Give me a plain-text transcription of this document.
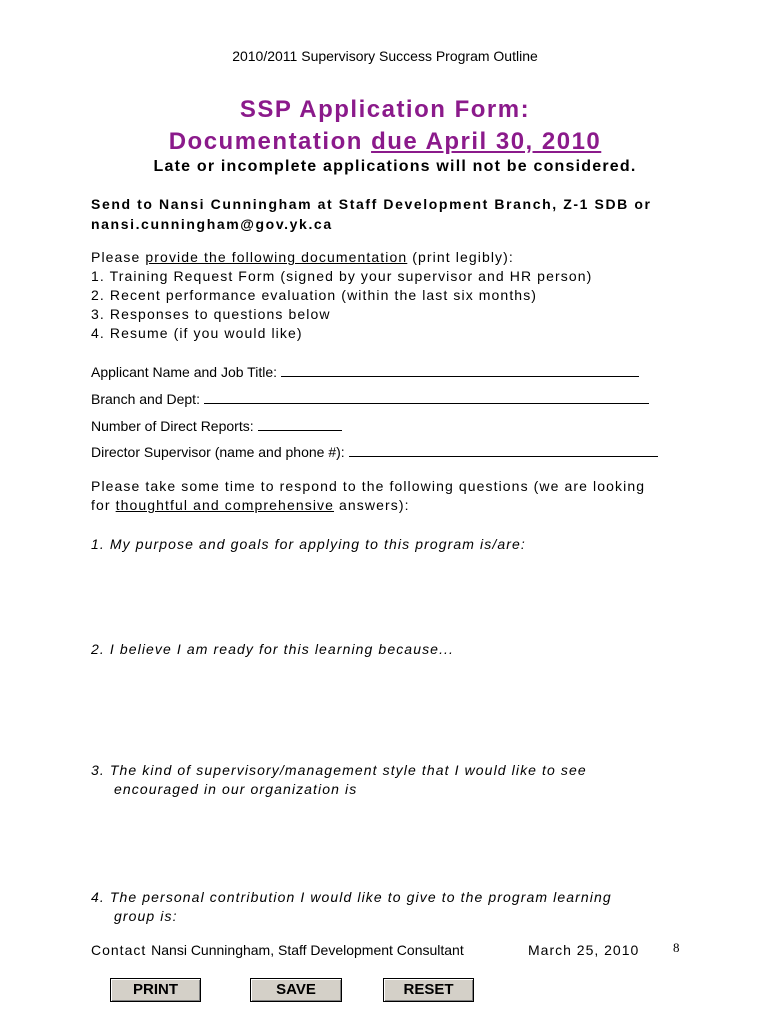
2010/2011 Supervisory Success Program Outline
SSP Application Form:
Documentation due April 30, 2010
Late or incomplete applications will not be considered.
Send to Nansi Cunningham at Staff Development Branch, Z-1 SDB or
nansi.cunningham@gov.yk.ca
Please provide the following documentation (print legibly):
1. Training Request Form (signed by your supervisor and HR person)
2. Recent performance evaluation (within the last six months)
3. Responses to questions below
4. Resume (if you would like)
Applicant Name and Job Title:
Branch and Dept:
Number of Direct Reports:
Director Supervisor (name and phone #):
Please take some time to respond to the following questions (we are looking
for thoughtful and comprehensive answers):
1. My purpose and goals for applying to this program is/are:
2. I believe I am ready for this learning because...
3. The kind of supervisory/management style that I would like to see
encouraged in our organization is
4. The personal contribution I would like to give to the program learning
group is:
Contact Nansi Cunningham, Staff Development Consultant	March 25, 2010	8
PRINT	SAVE	RESET
